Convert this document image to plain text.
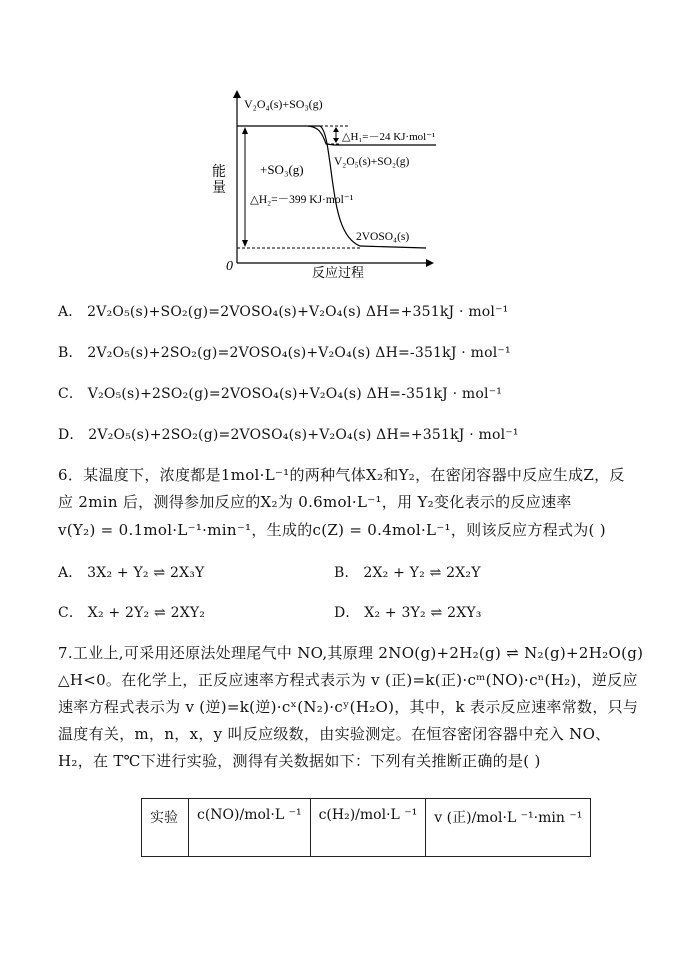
V₂O₄(s)+SO₃(g)
△H₁=－24 KJ·mol⁻¹
V₂O₅(s)+SO₂(g)
+SO₃(g)
△H₂=－399 KJ·mol⁻¹
2VOSO₄(s)
能
量
0	反应过程
A． 2V₂O₅(s)+SO₂(g)=2VOSO₄(s)+V₂O₄(s) ΔH=+351kJ · mol⁻¹
B． 2V₂O₅(s)+2SO₂(g)=2VOSO₄(s)+V₂O₄(s) ΔH=-351kJ · mol⁻¹
C． V₂O₅(s)+2SO₂(g)=2VOSO₄(s)+V₂O₄(s) ΔH=-351kJ · mol⁻¹
D． 2V₂O₅(s)+2SO₂(g)=2VOSO₄(s)+V₂O₄(s) ΔH=+351kJ · mol⁻¹
6．某温度下，浓度都是1mol·L⁻¹的两种气体X₂和Y₂，在密闭容器中反应生成Z，反
应 2min 后，测得参加反应的X₂为 0.6mol·L⁻¹，用 Y₂变化表示的反应速率
v(Y₂) = 0.1mol·L⁻¹·min⁻¹，生成的c(Z) = 0.4mol·L⁻¹，则该反应方程式为( )
A． 3X₂ + Y₂ ⇌ 2X₃Y	B． 2X₂ + Y₂ ⇌ 2X₂Y
C． X₂ + 2Y₂ ⇌ 2XY₂	D． X₂ + 3Y₂ ⇌ 2XY₃
7.工业上,可采用还原法处理尾气中 NO,其原理 2NO(g)+2H₂(g) ⇌ N₂(g)+2H₂O(g)
△H<0。在化学上，正反应速率方程式表示为 v (正)=k(正)·cᵐ(NO)·cⁿ(H₂)，逆反应
速率方程式表示为 v (逆)=k(逆)·cˣ(N₂)·cʸ(H₂O)，其中，k 表示反应速率常数，只与
温度有关，m，n，x，y 叫反应级数，由实验测定。在恒容密闭容器中充入 NO、
H₂，在 T℃下进行实验，测得有关数据如下：下列有关推断正确的是( )
实验	c(NO)/mol·L ⁻¹	c(H₂)/mol·L ⁻¹	v (正)/mol·L ⁻¹·min ⁻¹
